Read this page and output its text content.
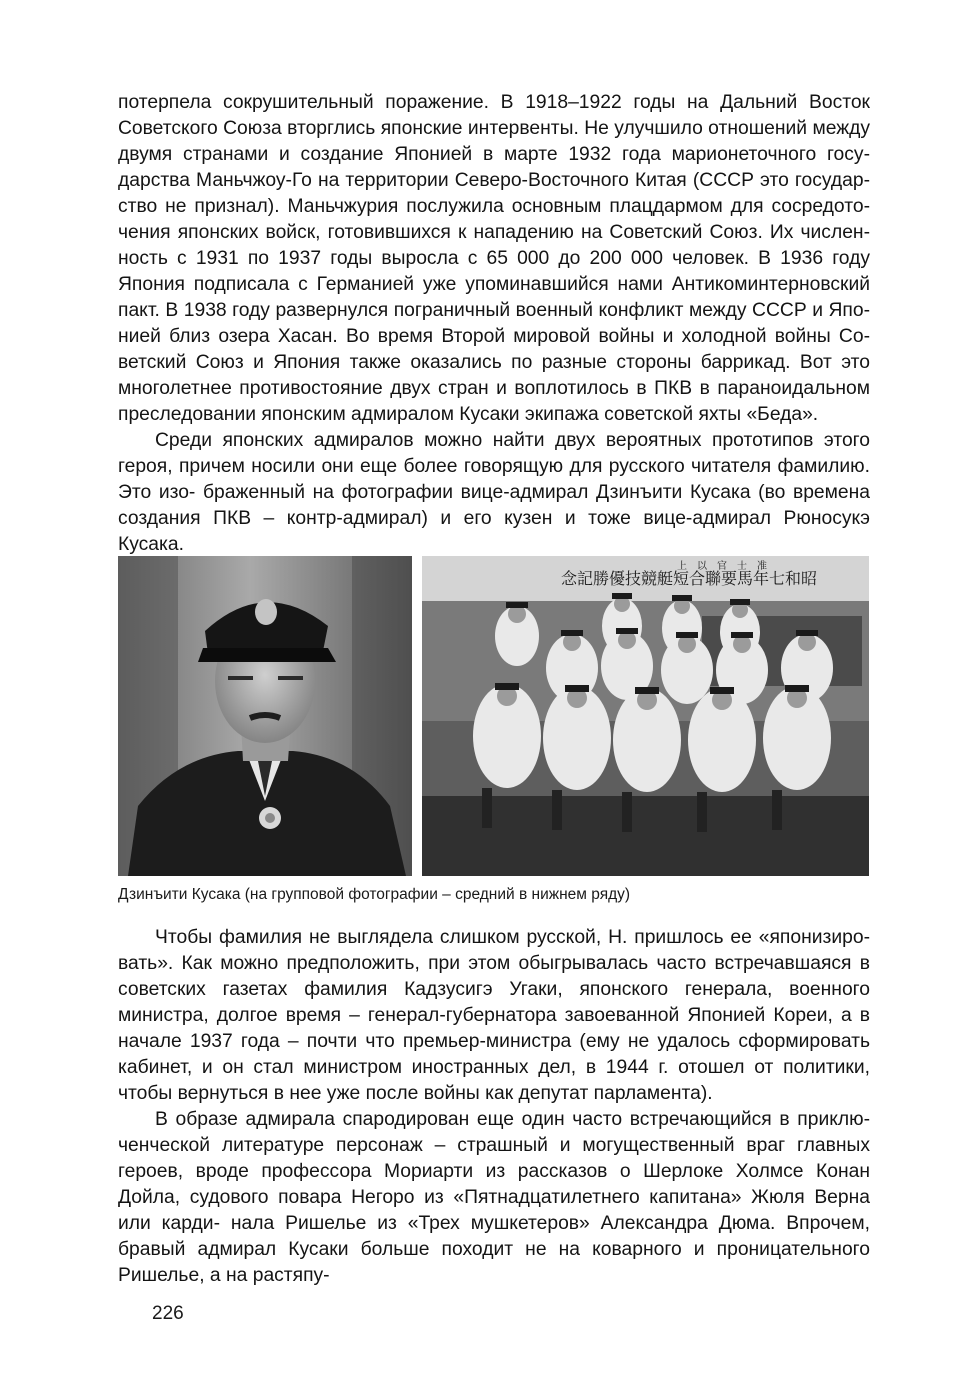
потерпела сокрушительный поражение. В 1918–1922 годы на Дальний Восток Советского Союза вторглись японские интервенты. Не улучшило отношений между двумя странами и создание Японией в марте 1932 года марионеточного госу- дарства Маньчжоу-Го на территории Северо-Восточного Китая (СССР это государ- ство не признал). Маньчжурия послужила основным плацдармом для сосредото- чения японских войск, готовившихся к нападению на Советский Союз. Их числен- ность с 1931 по 1937 годы выросла с 65 000 до 200 000 человек. В 1936 году Япония подписала с Германией уже упоминавшийся нами Антикоминтерновский пакт. В 1938 году развернулся пограничный военный конфликт между СССР и Япо- нией близ озера Хасан. Во время Второй мировой войны и холодной войны Со- ветский Союз и Япония также оказались по разные стороны баррикад. Вот это многолетнее противостояние двух стран и воплотилось в ПКВ в параноидальном преследовании японским адмиралом Кусаки экипажа советской яхты «Беда».

Среди японских адмиралов можно найти двух вероятных прототипов этого героя, причем носили они еще более говорящую для русского читателя фамилию. Это изо- браженный на фотографии вице-адмирал Дзинъити Кусака (во времена создания ПКВ – контр-адмирал) и его кузен и тоже вице-адмирал Рюносукэ Кусака.

念記勝優技競艇短合聯要馬年七和昭
上　以　官　士　准
Дзинъити Кусака (на групповой фотографии – средний в нижнем ряду)

Чтобы фамилия не выглядела слишком русской, Н. пришлось ее «японизиро- вать». Как можно предположить, при этом обыгрывалась часто встречавшаяся в советских газетах фамилия Кадзусигэ Угаки, японского генерала, военного министра, долгое время – генерал-губернатора завоеванной Японией Кореи, а в начале 1937 года – почти что премьер-министра (ему не удалось сформировать кабинет, и он стал министром иностранных дел, в 1944 г. отошел от политики, чтобы вернуться в нее уже после войны как депутат парламента).

В образе адмирала спародирован еще один часто встречающийся в приклю- ченческой литературе персонаж – страшный и могущественный враг главных героев, вроде профессора Мориарти из рассказов о Шерлоке Холмсе Конан Дойла, судового повара Негоро из «Пятнадцатилетнего капитана» Жюля Верна или карди- нала Ришелье из «Трех мушкетеров» Александра Дюма. Впрочем, бравый адмирал Кусаки больше походит не на коварного и проницательного Ришелье, а на растяпу-

226
